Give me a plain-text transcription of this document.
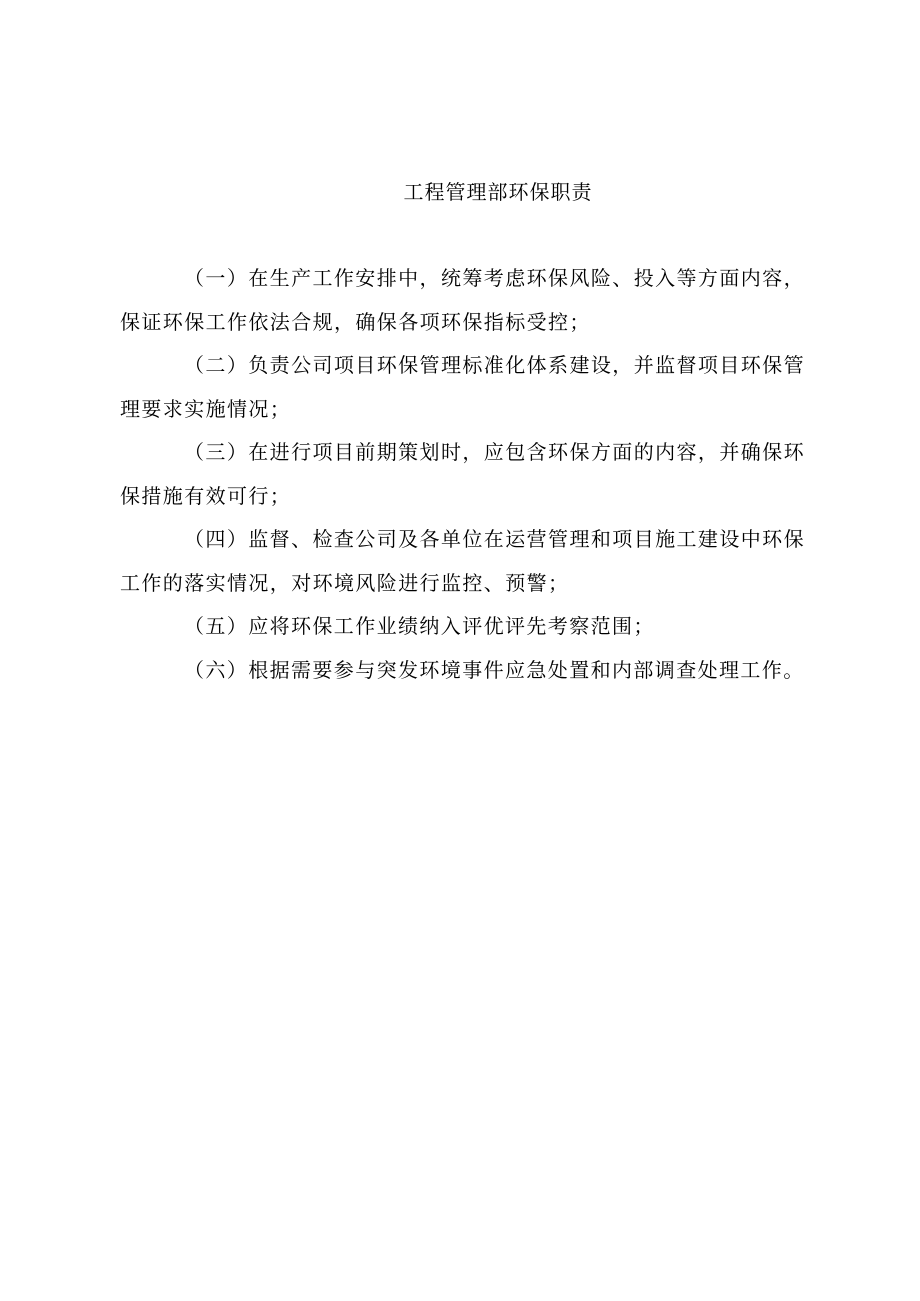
工程管理部环保职责

（一）在生产工作安排中，统筹考虑环保风险、投入等方面内容，保证环保工作依法合规，确保各项环保指标受控；

（二）负责公司项目环保管理标准化体系建设，并监督项目环保管理要求实施情况；

（三）在进行项目前期策划时，应包含环保方面的内容，并确保环保措施有效可行；

（四）监督、检查公司及各单位在运营管理和项目施工建设中环保工作的落实情况，对环境风险进行监控、预警；

（五）应将环保工作业绩纳入评优评先考察范围；

（六）根据需要参与突发环境事件应急处置和内部调查处理工作。
